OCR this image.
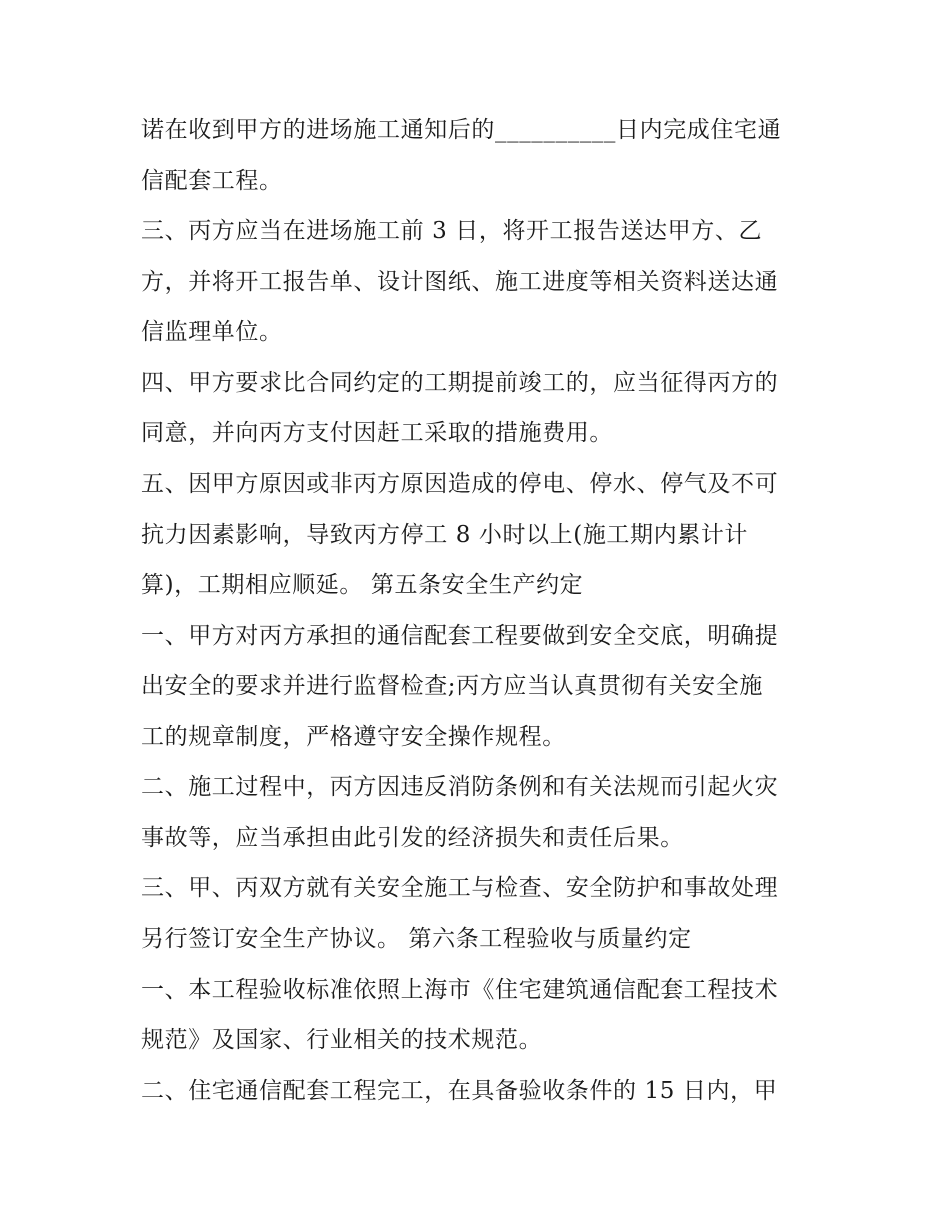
诺在收到甲方的进场施工通知后的__________日内完成住宅通
信配套工程。
三、丙方应当在进场施工前 3 日，将开工报告送达甲方、乙
方，并将开工报告单、设计图纸、施工进度等相关资料送达通
信监理单位。
四、甲方要求比合同约定的工期提前竣工的，应当征得丙方的
同意，并向丙方支付因赶工采取的措施费用。
五、因甲方原因或非丙方原因造成的停电、停水、停气及不可
抗力因素影响，导致丙方停工 8 小时以上(施工期内累计计
算)，工期相应顺延。 第五条安全生产约定
一、甲方对丙方承担的通信配套工程要做到安全交底，明确提
出安全的要求并进行监督检查;丙方应当认真贯彻有关安全施
工的规章制度，严格遵守安全操作规程。
二、施工过程中，丙方因违反消防条例和有关法规而引起火灾
事故等，应当承担由此引发的经济损失和责任后果。
三、甲、丙双方就有关安全施工与检查、安全防护和事故处理
另行签订安全生产协议。 第六条工程验收与质量约定
一、本工程验收标准依照上海市《住宅建筑通信配套工程技术
规范》及国家、行业相关的技术规范。
二、住宅通信配套工程完工，在具备验收条件的 15 日内，甲
